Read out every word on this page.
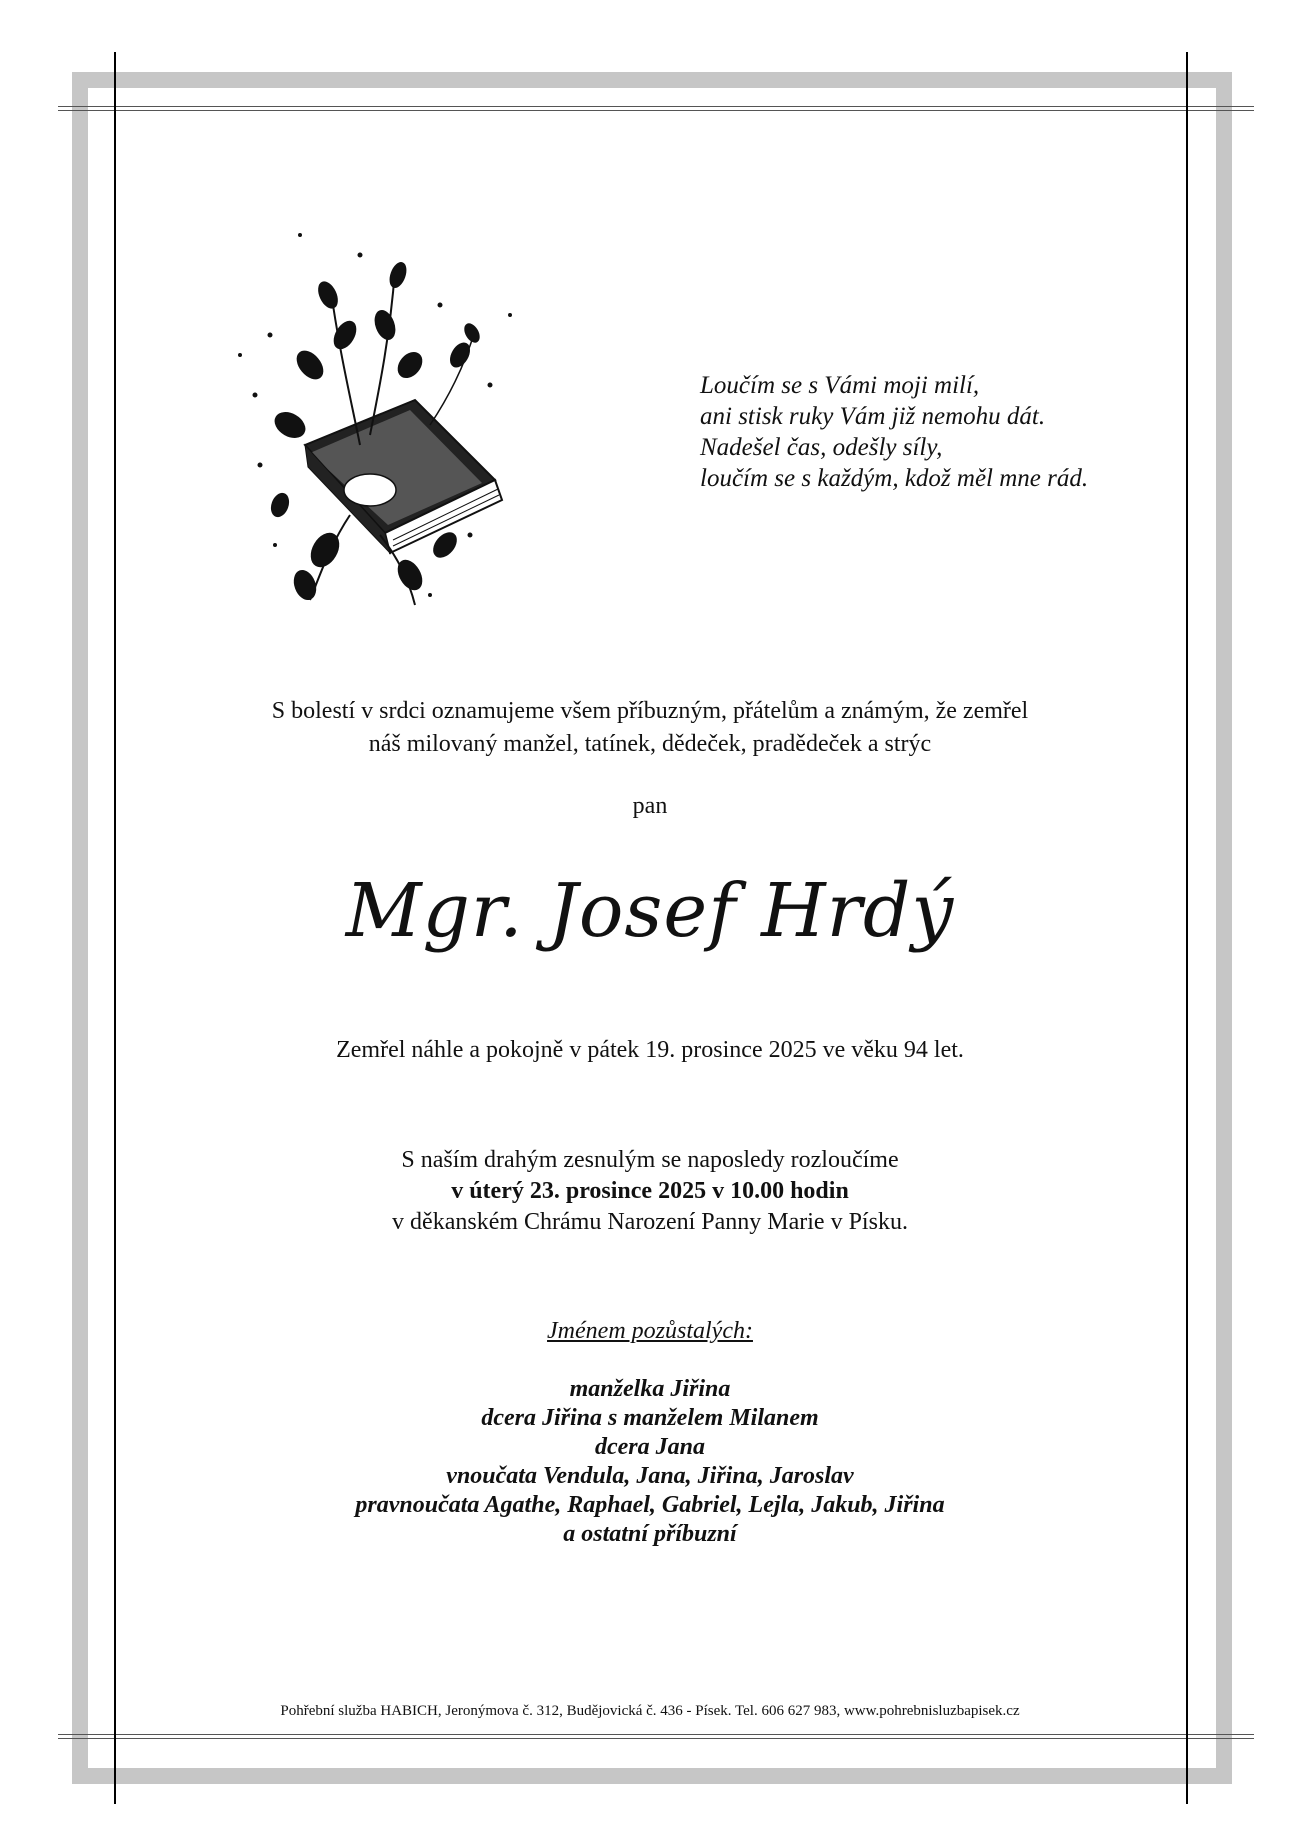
Loučím se s Vámi moji milí,
ani stisk ruky Vám již nemohu dát.
Nadešel čas, odešly síly,
loučím se s každým, kdož měl mne rád.
S bolestí v srdci oznamujeme všem příbuzným, přátelům a známým, že zemřel
náš milovaný manžel, tatínek, dědeček, pradědeček a strýc
pan
Mgr. Josef Hrdý
Zemřel náhle a pokojně v pátek 19. prosince 2025 ve věku 94 let.
S naším drahým zesnulým se naposledy rozloučíme
v úterý 23. prosince 2025 v 10.00 hodin
v děkanském Chrámu Narození Panny Marie v Písku.
Jménem pozůstalých:
manželka Jiřina
dcera Jiřina s manželem Milanem
dcera Jana
vnoučata Vendula, Jana, Jiřina, Jaroslav
pravnoučata Agathe, Raphael, Gabriel, Lejla, Jakub, Jiřina
a ostatní příbuzní
Pohřební služba HABICH, Jeronýmova č. 312, Budějovická č. 436 - Písek. Tel. 606 627 983, www.pohrebnisluzbapisek.cz
